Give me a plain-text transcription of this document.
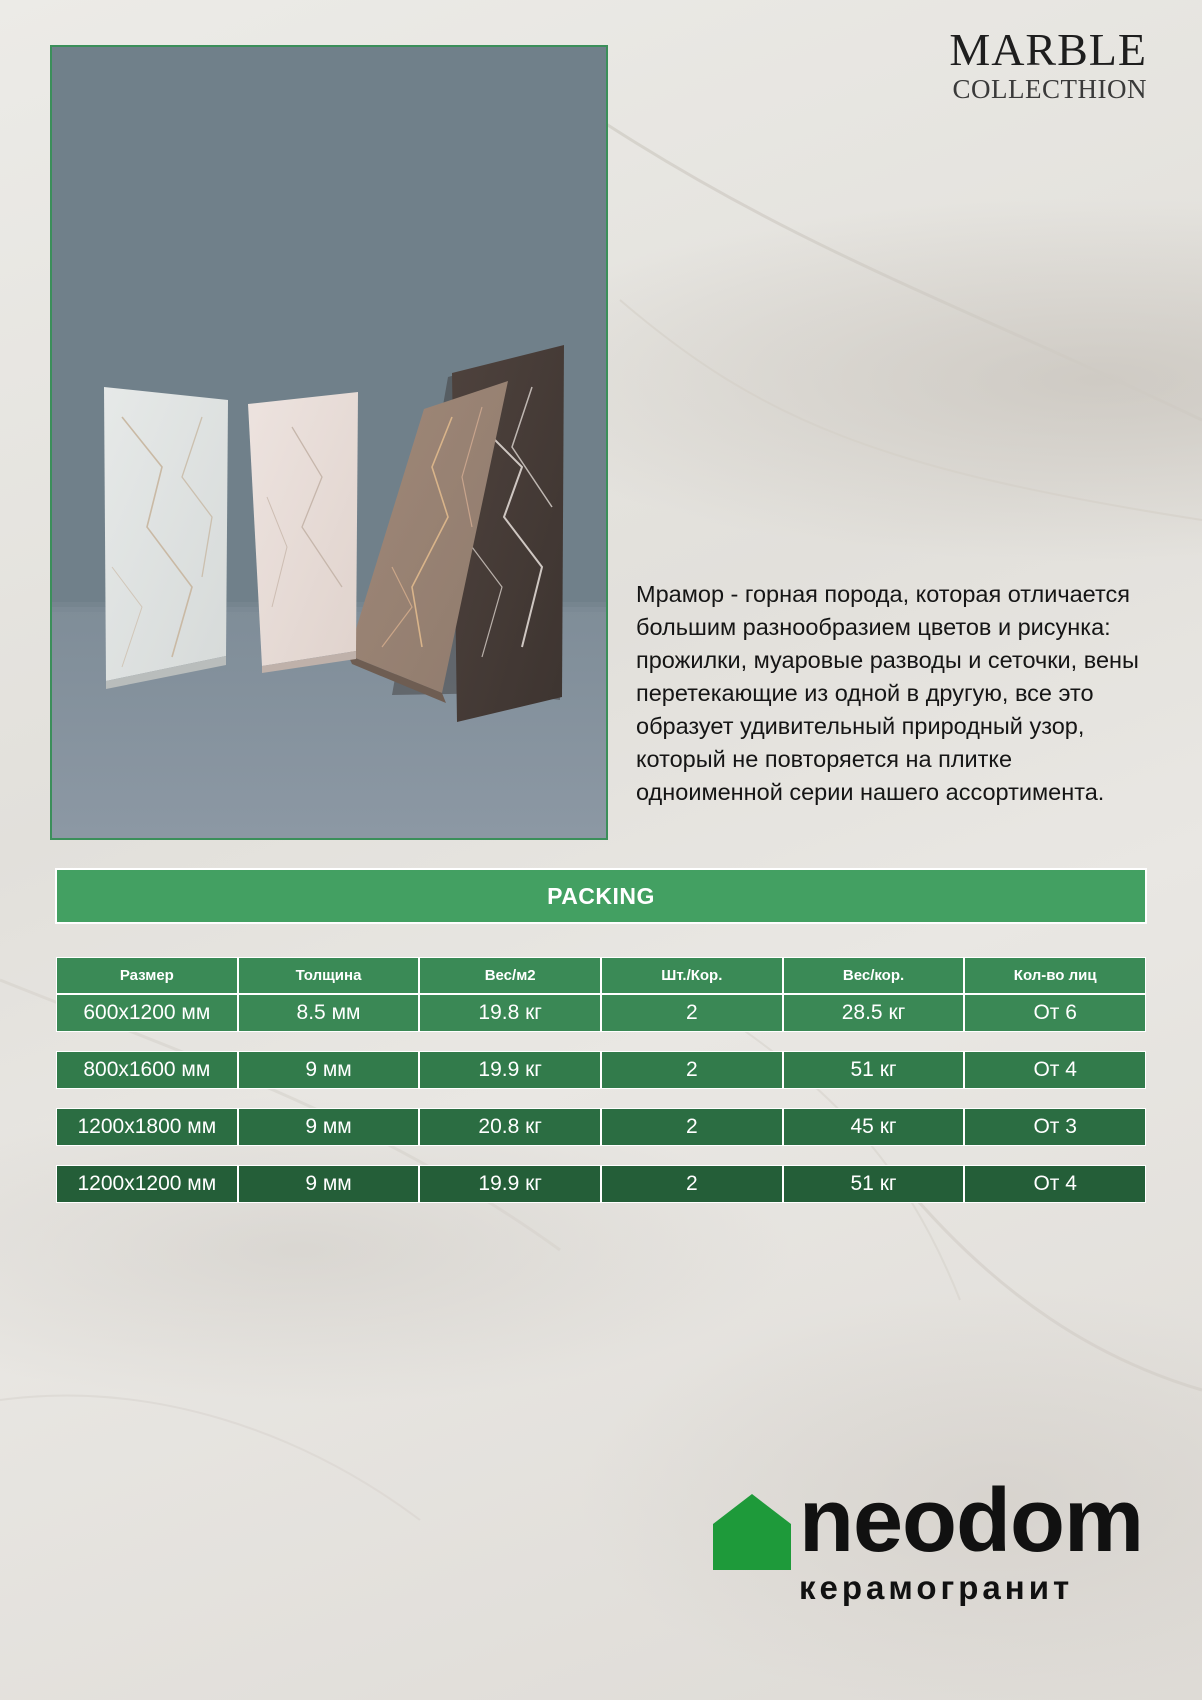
MARBLE
COLLECTHION

Мрамор - горная порода, которая отличается большим разнообразием цветов и рисунка: прожилки, муаровые разводы и сеточки, вены перетекающие из одной в другую, все это образует удивительный природный узор, который не повторяется на плитке одноименной серии нашего ассортимента.

PACKING
Размер	Толщина	Вес/м2	Шт./Кор.	Вес/кор.	Кол-во лиц
600x1200 мм	8.5 мм	19.8 кг	2	28.5 кг	От 6
800x1600 мм	9 мм	19.9 кг	2	51 кг	От 4
1200x1800 мм	9 мм	20.8 кг	2	45 кг	От 3
1200x1200 мм	9 мм	19.9 кг	2	51 кг	От 4
neodom
керамогранит
